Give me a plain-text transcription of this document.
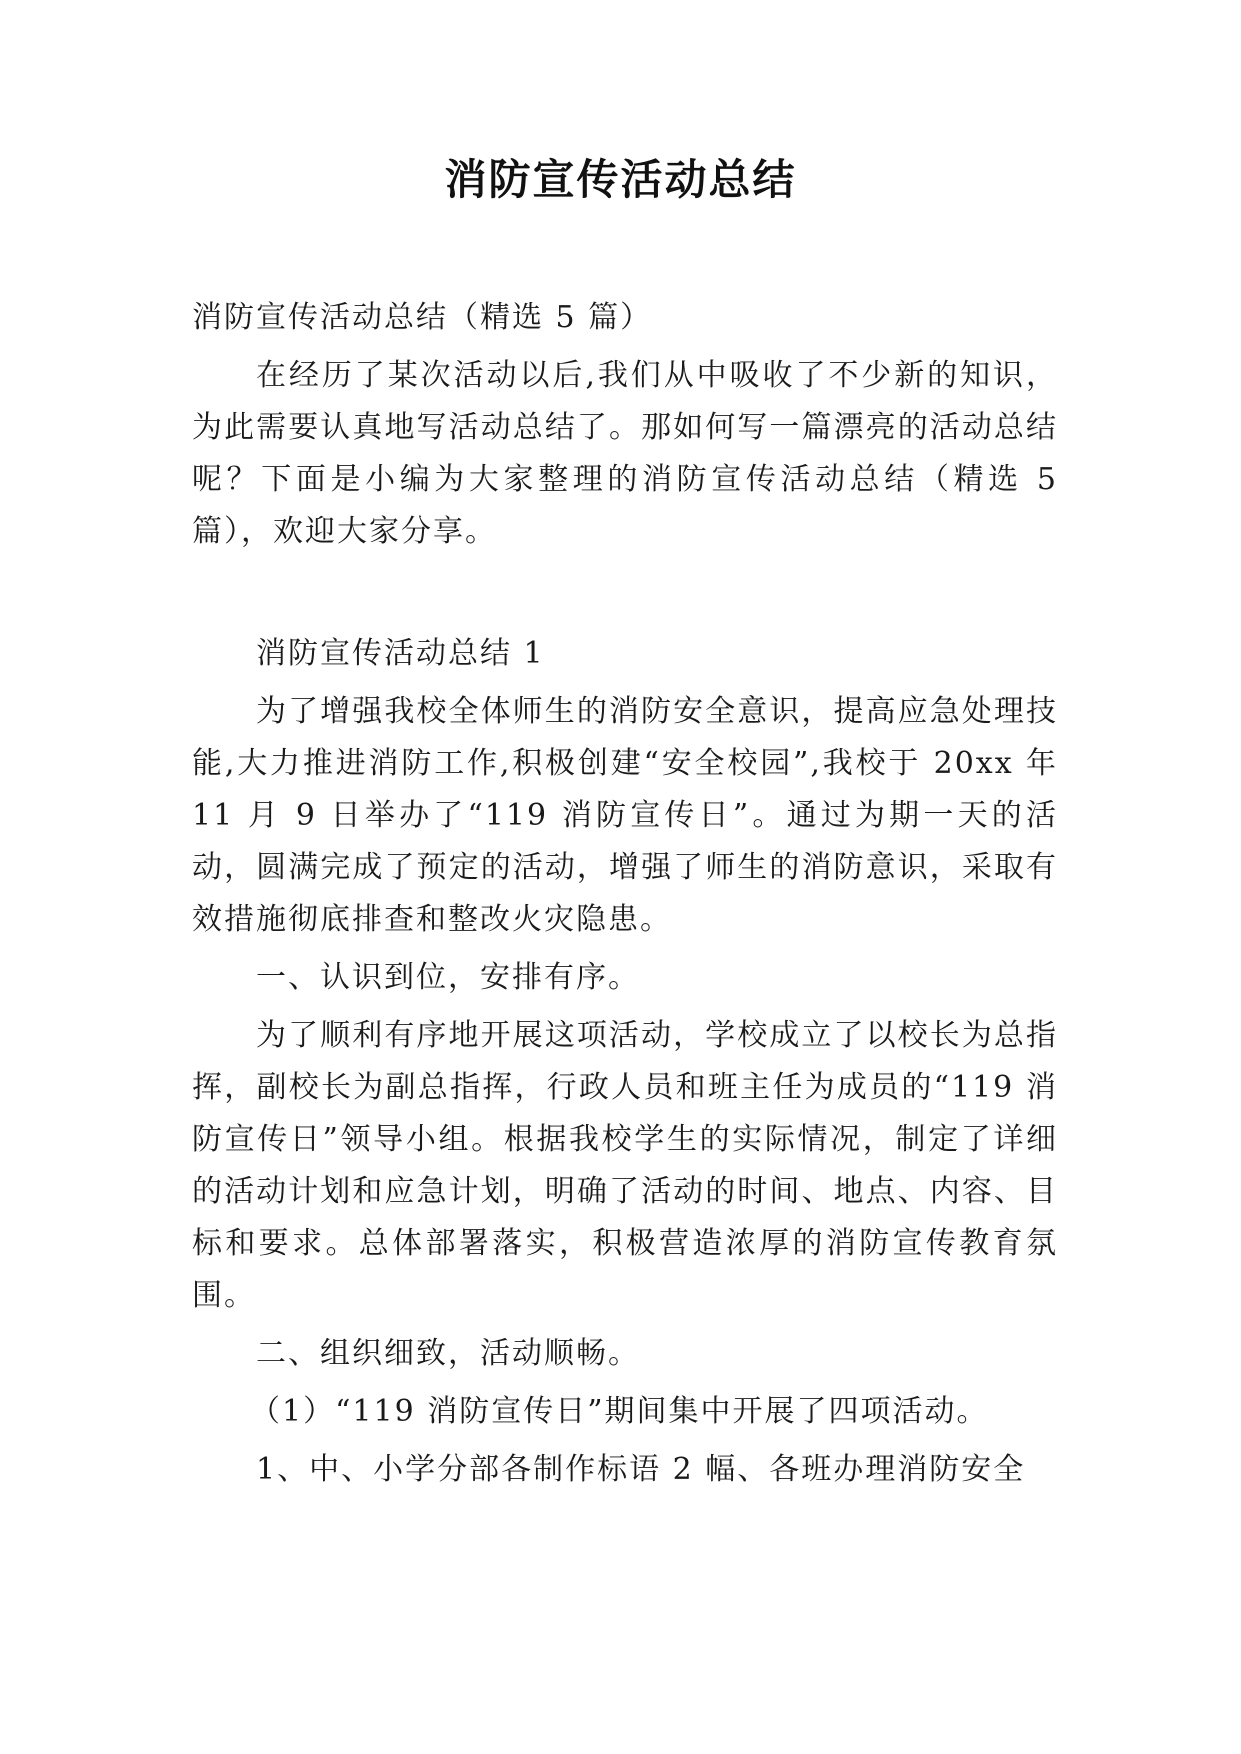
消防宣传活动总结

消防宣传活动总结（精选 5 篇）

在经历了某次活动以后,我们从中吸收了不少新的知识，为此需要认真地写活动总结了。那如何写一篇漂亮的活动总结呢？下面是小编为大家整理的消防宣传活动总结（精选 5 篇），欢迎大家分享。

消防宣传活动总结 1

为了增强我校全体师生的消防安全意识，提高应急处理技能,大力推进消防工作,积极创建“安全校园”,我校于 20xx 年 11 月 9 日举办了“119 消防宣传日”。通过为期一天的活动，圆满完成了预定的活动，增强了师生的消防意识，采取有效措施彻底排查和整改火灾隐患。

一、认识到位，安排有序。

为了顺利有序地开展这项活动，学校成立了以校长为总指挥，副校长为副总指挥，行政人员和班主任为成员的“119 消防宣传日”领导小组。根据我校学生的实际情况，制定了详细的活动计划和应急计划，明确了活动的时间、地点、内容、目标和要求。总体部署落实，积极营造浓厚的消防宣传教育氛围。

二、组织细致，活动顺畅。

（1）“119 消防宣传日”期间集中开展了四项活动。

1、中、小学分部各制作标语 2 幅、各班办理消防安全
